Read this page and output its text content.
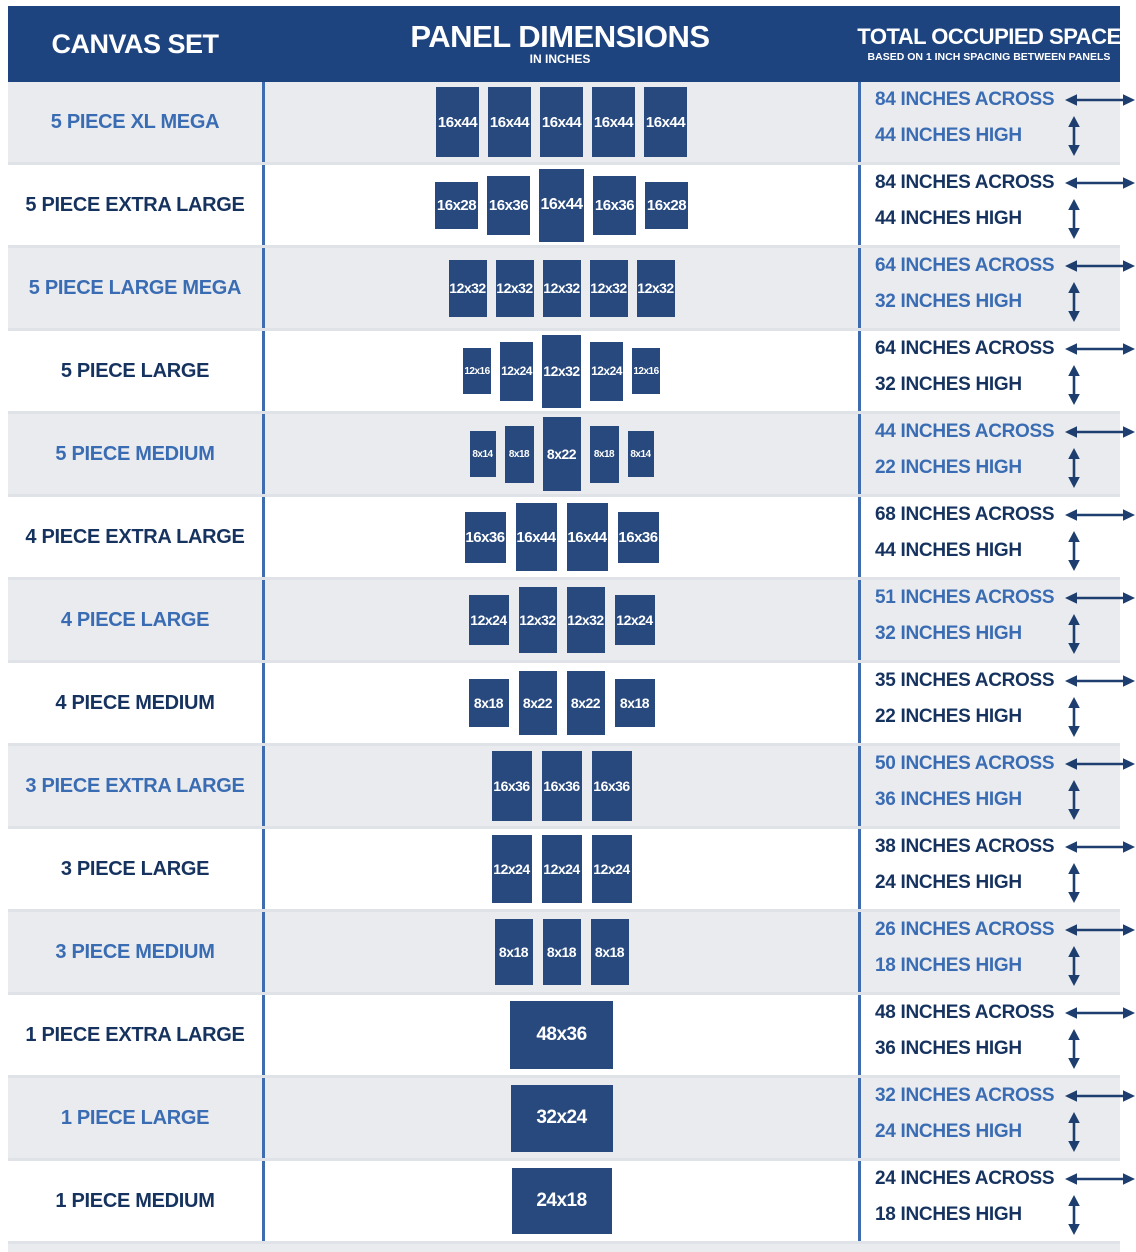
CANVAS SET	PANEL DIMENSIONS
IN INCHES
TOTAL OCCUPIED SPACE
BASED ON 1 INCH SPACING BETWEEN PANELS
5 PIECE XL MEGA	16x44 16x44 16x44 16x44 16x44
84 INCHES ACROSS
44 INCHES HIGH
5 PIECE EXTRA LARGE	16x28 16x36 16x44 16x36 16x28
84 INCHES ACROSS
44 INCHES HIGH
5 PIECE LARGE MEGA	12x32 12x32 12x32 12x32 12x32
64 INCHES ACROSS
32 INCHES HIGH
5 PIECE LARGE	12x16 12x24 12x32 12x24 12x16
64 INCHES ACROSS
32 INCHES HIGH
5 PIECE MEDIUM	8x14 8x18 8x22 8x18 8x14
44 INCHES ACROSS
22 INCHES HIGH
4 PIECE EXTRA LARGE	16x36 16x44 16x44 16x36
68 INCHES ACROSS
44 INCHES HIGH
4 PIECE LARGE	12x24 12x32 12x32 12x24
51 INCHES ACROSS
32 INCHES HIGH
4 PIECE MEDIUM	8x18 8x22 8x22 8x18
35 INCHES ACROSS
22 INCHES HIGH
3 PIECE EXTRA LARGE	16x36 16x36 16x36
50 INCHES ACROSS
36 INCHES HIGH
3 PIECE LARGE	12x24 12x24 12x24
38 INCHES ACROSS
24 INCHES HIGH
3 PIECE MEDIUM	8x18 8x18 8x18
26 INCHES ACROSS
18 INCHES HIGH
1 PIECE EXTRA LARGE	48x36
48 INCHES ACROSS
36 INCHES HIGH
1 PIECE LARGE	32x24
32 INCHES ACROSS
24 INCHES HIGH
1 PIECE MEDIUM	24x18
24 INCHES ACROSS
18 INCHES HIGH
